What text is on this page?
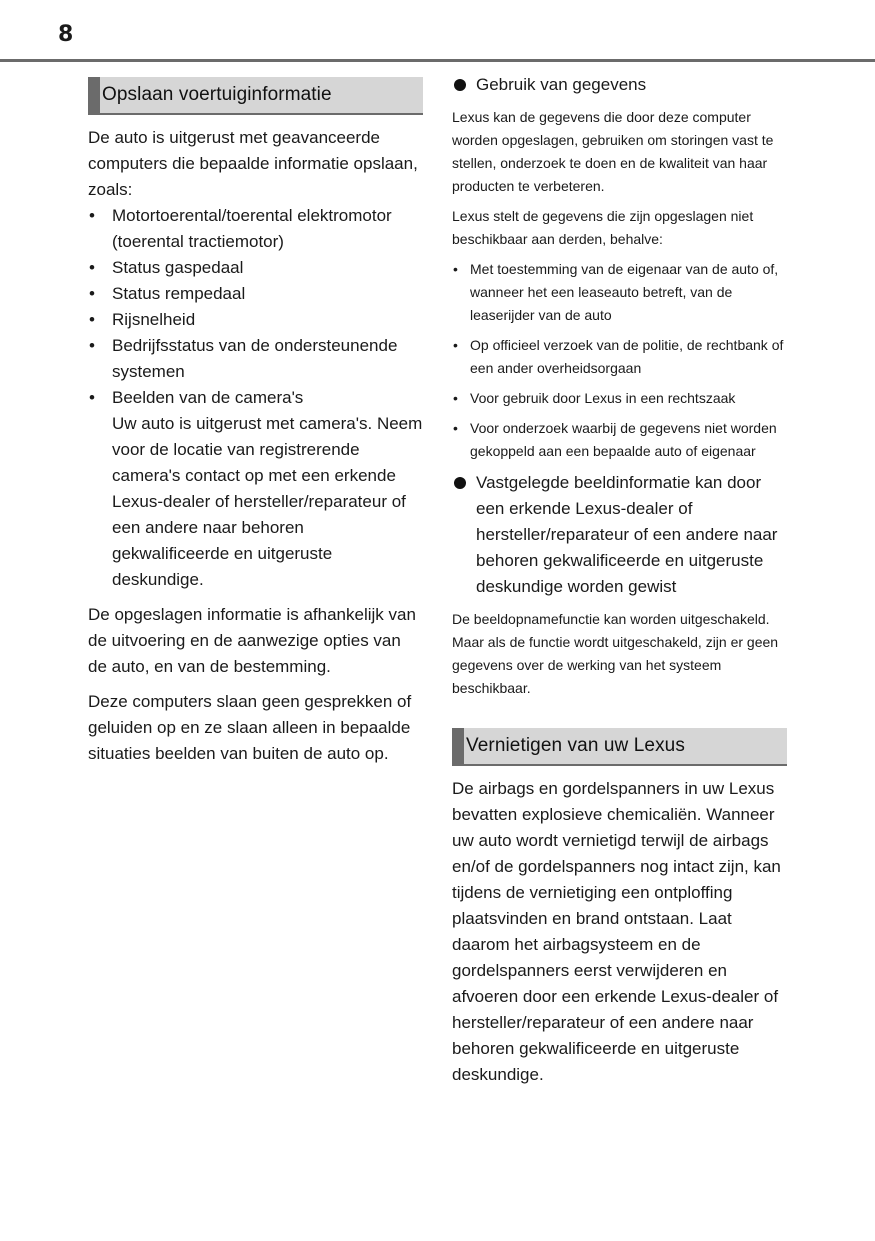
8
Opslaan voertuiginformatie

De auto is uitgerust met geavanceerde computers die bepaalde informatie opslaan, zoals:

• Motortoerental/toerental elektromotor (toerental tractiemotor)
• Status gaspedaal
• Status rempedaal
• Rijsnelheid
• Bedrijfsstatus van de ondersteunende systemen
• Beelden van de camera's
Uw auto is uitgerust met camera's. Neem voor de locatie van registrerende camera's contact op met een erkende Lexus-dealer of hersteller/reparateur of een andere naar behoren gekwalificeerde en uitgeruste deskundige.

De opgeslagen informatie is afhankelijk van de uitvoering en de aanwezige opties van de auto, en van de bestemming.

Deze computers slaan geen gesprekken of geluiden op en ze slaan alleen in bepaalde situaties beelden van buiten de auto op.

Gebruik van gegevens

Lexus kan de gegevens die door deze computer worden opgeslagen, gebruiken om storingen vast te stellen, onderzoek te doen en de kwaliteit van haar producten te verbeteren.

Lexus stelt de gegevens die zijn opgeslagen niet beschikbaar aan derden, behalve:

• Met toestemming van de eigenaar van de auto of, wanneer het een leaseauto betreft, van de leaserijder van de auto
• Op officieel verzoek van de politie, de rechtbank of een ander overheidsorgaan
• Voor gebruik door Lexus in een rechtszaak
• Voor onderzoek waarbij de gegevens niet worden gekoppeld aan een bepaalde auto of eigenaar
Vastgelegde beeldinformatie kan door een erkende Lexus-dealer of hersteller/reparateur of een andere naar behoren gekwalificeerde en uitgeruste deskundige worden gewist

De beeldopnamefunctie kan worden uitgeschakeld. Maar als de functie wordt uitgeschakeld, zijn er geen gegevens over de werking van het systeem beschikbaar.

Vernietigen van uw Lexus

De airbags en gordelspanners in uw Lexus bevatten explosieve chemicaliën. Wanneer uw auto wordt vernietigd terwijl de airbags en/of de gordelspanners nog intact zijn, kan tijdens de vernietiging een ontploffing plaatsvinden en brand ontstaan. Laat daarom het airbagsysteem en de gordelspanners eerst verwijderen en afvoeren door een erkende Lexus-dealer of hersteller/reparateur of een andere naar behoren gekwalificeerde en uitgeruste deskundige.
